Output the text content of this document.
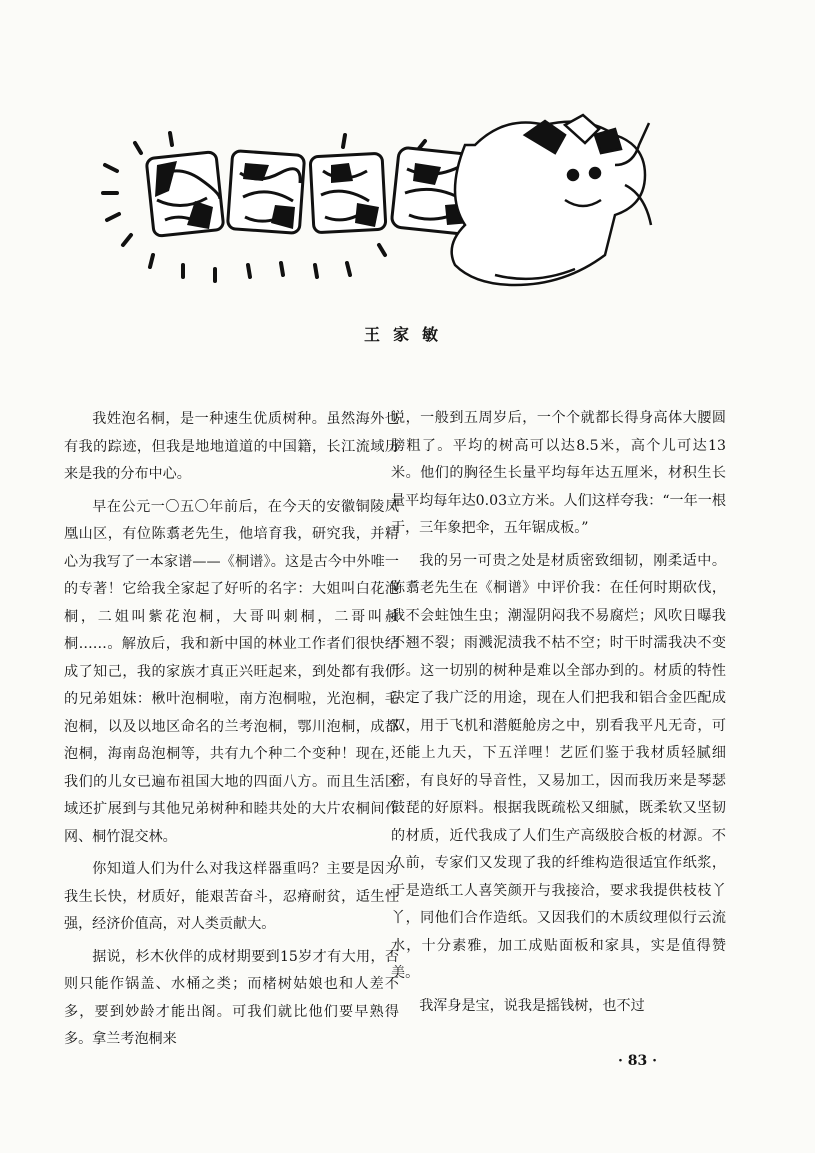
王家敏

我姓泡名桐，是一种速生优质树种。虽然海外也有我的踪迹，但我是地地道道的中国籍，长江流域历来是我的分布中心。

早在公元一〇五〇年前后，在今天的安徽铜陵凤凰山区，有位陈翥老先生，他培育我，研究我，并精心为我写了一本家谱——《桐谱》。这是古今中外唯一的专著！它给我全家起了好听的名字：大姐叫白花泡桐，二姐叫紫花泡桐，大哥叫刺桐，二哥叫赪桐……。解放后，我和新中国的林业工作者们很快结成了知己，我的家族才真正兴旺起来，到处都有我们的兄弟姐妹：楸叶泡桐啦，南方泡桐啦，光泡桐，毛泡桐，以及以地区命名的兰考泡桐，鄂川泡桐，成都泡桐，海南岛泡桐等，共有九个种二个变种！现在，我们的儿女已遍布祖国大地的四面八方。而且生活区域还扩展到与其他兄弟树种和睦共处的大片农桐间作网、桐竹混交林。

你知道人们为什么对我这样器重吗？主要是因为我生长快，材质好，能艰苦奋斗，忍瘠耐贫，适生性强，经济价值高，对人类贡献大。

据说，杉木伙伴的成材期要到15岁才有大用，否则只能作锅盖、水桶之类；而楮树姑娘也和人差不多，要到妙龄才能出阁。可我们就比他们要早熟得多。拿兰考泡桐来

说，一般到五周岁后，一个个就都长得身高体大腰圆膀粗了。平均的树高可以达8.5米，高个儿可达13米。他们的胸径生长量平均每年达五厘米，材积生长量平均每年达0.03立方米。人们这样夸我：“一年一根干，三年象把伞，五年锯成板。”

我的另一可贵之处是材质密致细韧，刚柔适中。陈翥老先生在《桐谱》中评价我：在任何时期砍伐，我不会蛀蚀生虫；潮湿阴闷我不易腐烂；风吹日曝我不翘不裂；雨溅泥渍我不枯不空；时干时濡我决不变形。这一切别的树种是难以全部办到的。材质的特性决定了我广泛的用途，现在人们把我和铝合金匹配成双，用于飞机和潜艇舱房之中，别看我平凡无奇，可还能上九天，下五洋哩！艺匠们鉴于我材质轻腻细密，有良好的导音性，又易加工，因而我历来是琴瑟鼓琵的好原料。根据我既疏松又细腻，既柔软又坚韧的材质，近代我成了人们生产高级胶合板的材源。不久前，专家们又发现了我的纤维构造很适宜作纸浆，于是造纸工人喜笑颜开与我接洽，要求我提供枝枝丫丫，同他们合作造纸。又因我们的木质纹理似行云流水，十分素雅，加工成贴面板和家具，实是值得赞美。

我浑身是宝，说我是摇钱树，也不过

· 83 ·
